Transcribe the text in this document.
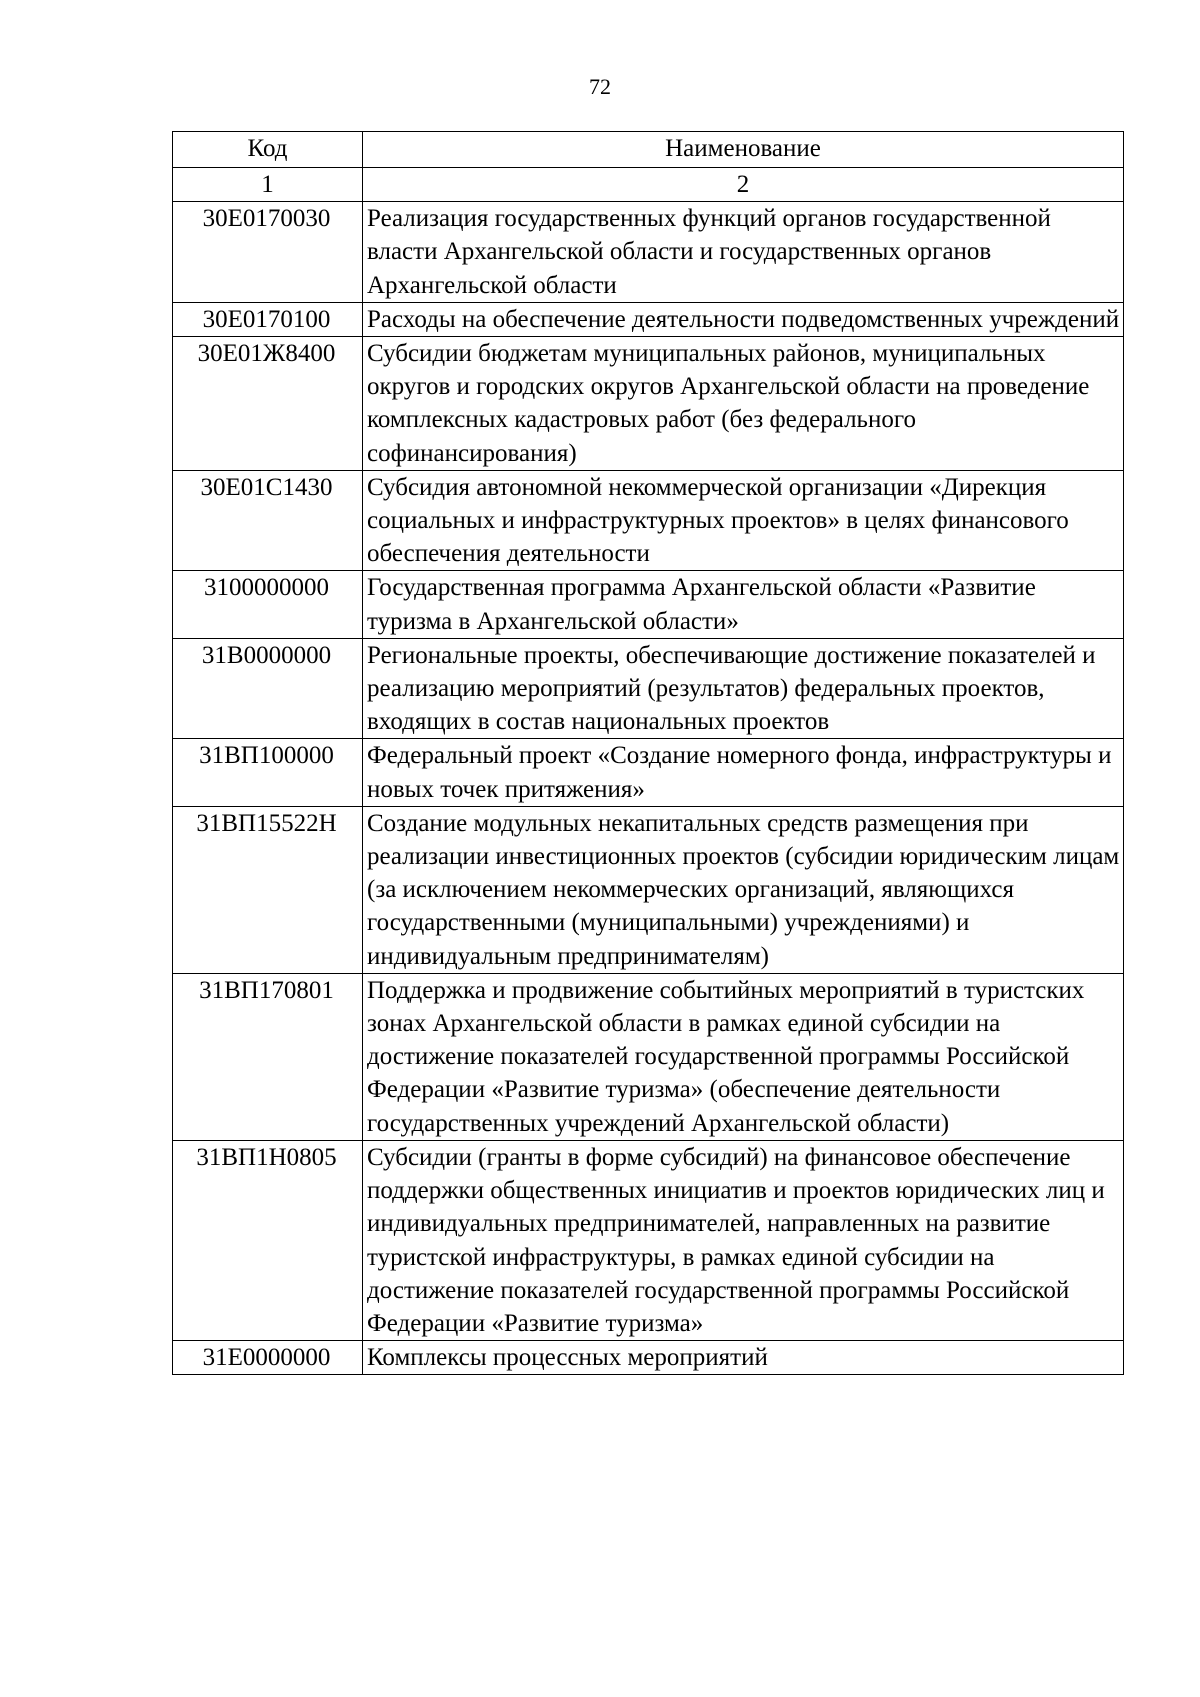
72
Код	Наименование
1	2
30Е0170030	Реализация государственных функций органов государственной власти Архангельской области и государственных органов Архангельской области
30Е0170100	Расходы на обеспечение деятельности подведомственных учреждений
30Е01Ж8400	Субсидии бюджетам муниципальных районов, муниципальных округов и городских округов Архангельской области на проведение комплексных кадастровых работ (без федерального софинансирования)
30Е01С1430	Субсидия автономной некоммерческой организации «Дирекция социальных и инфраструктурных проектов» в целях финансового обеспечения деятельности
3100000000	Государственная программа Архангельской области «Развитие туризма в Архангельской области»
31В0000000	Региональные проекты, обеспечивающие достижение показателей и реализацию мероприятий (результатов) федеральных проектов, входящих в состав национальных проектов
31ВП100000	Федеральный проект «Создание номерного фонда, инфраструктуры и новых точек притяжения»
31ВП15522Н	Создание модульных некапитальных средств размещения при реализации инвестиционных проектов (субсидии юридическим лицам (за исключением некоммерческих организаций, являющихся государственными (муниципальными) учреждениями) и индивидуальным предпринимателям)
31ВП170801	Поддержка и продвижение событийных мероприятий в туристских зонах Архангельской области в рамках единой субсидии на достижение показателей государственной программы Российской Федерации «Развитие туризма» (обеспечение деятельности государственных учреждений Архангельской области)
31ВП1Н0805	Субсидии (гранты в форме субсидий) на финансовое обеспечение поддержки общественных инициатив и проектов юридических лиц и индивидуальных предпринимателей, направленных на развитие туристской инфраструктуры, в рамках единой субсидии на достижение показателей государственной программы Российской Федерации «Развитие туризма»
31Е0000000	Комплексы процессных мероприятий
